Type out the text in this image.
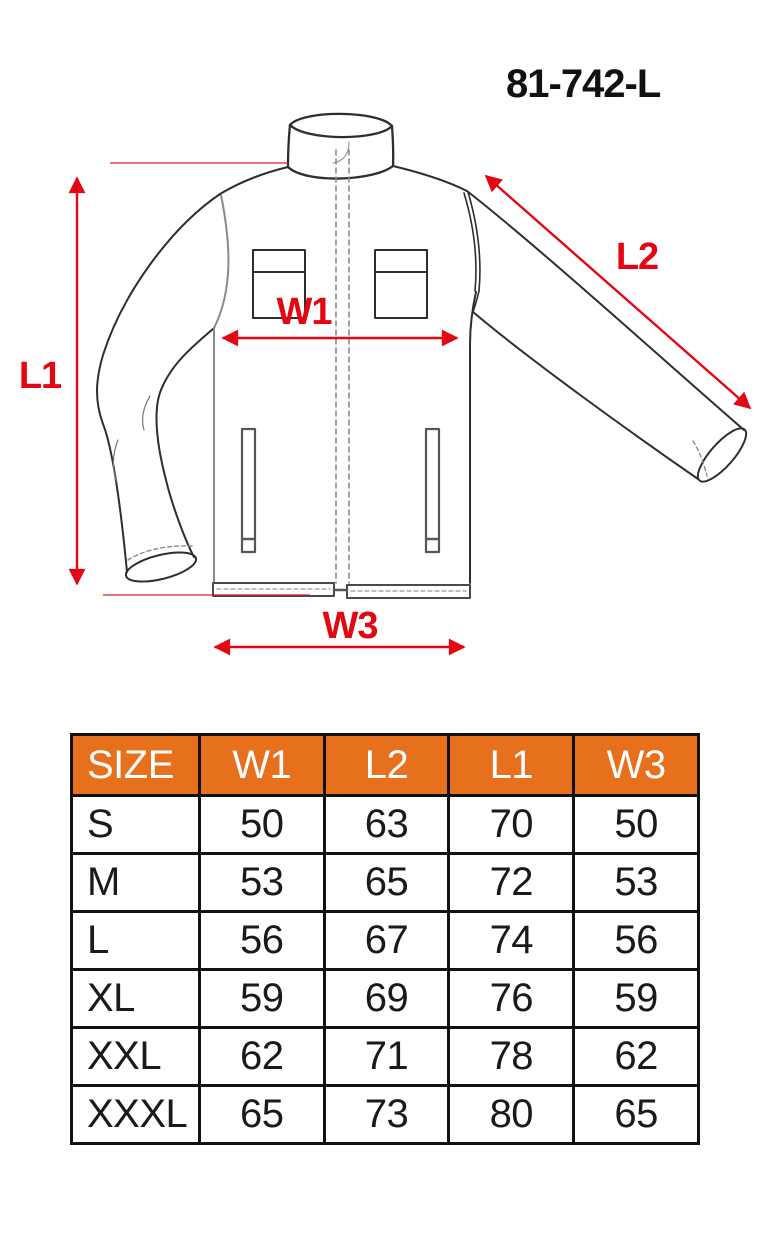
81-742-L
L1
L2
W1
W3
SIZE	W1	L2	L1	W3
S	50	63	70	50
M	53	65	72	53
L	56	67	74	56
XL	59	69	76	59
XXL	62	71	78	62
XXXL	65	73	80	65
